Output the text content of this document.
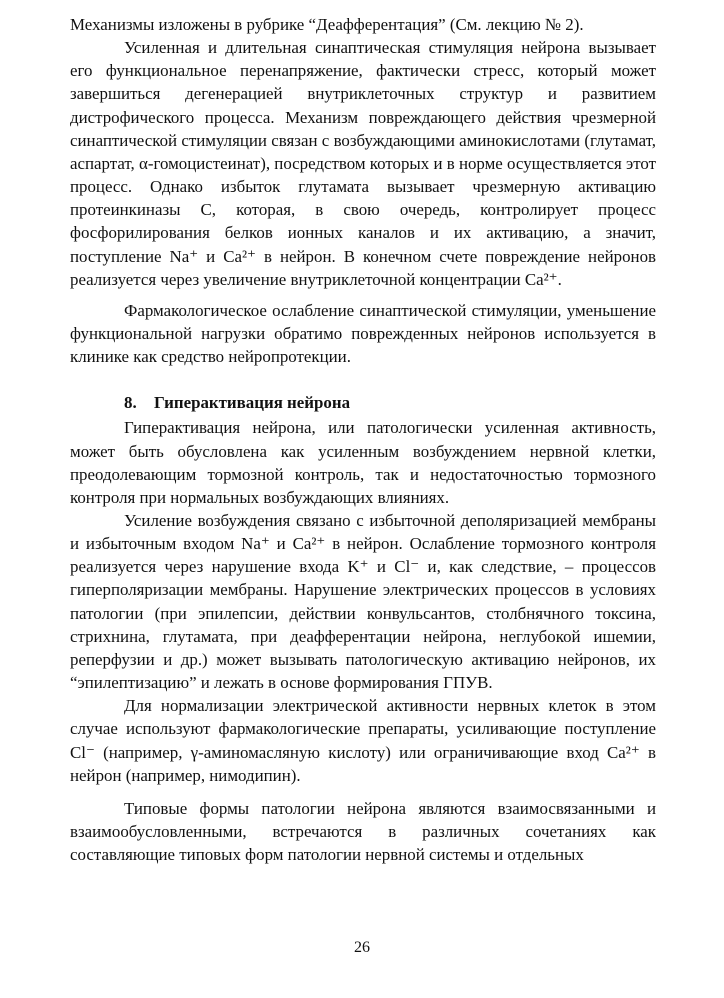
Механизмы изложены в рубрике “Деафферентация” (См. лекцию № 2).

Усиленная и длительная синаптическая стимуляция нейрона вызывает его функциональное перенапряжение, фактически стресс, который может завершиться дегенерацией внутриклеточных структур и развитием дистрофического процесса. Механизм повреждающего действия чрезмерной синаптической стимуляции связан с возбуждающими аминокислотами (глутамат, аспартат, α-гомоцистеинат), посредством которых и в норме осуществляется этот процесс. Однако избыток глутамата вызывает чрезмерную активацию протеинкиназы С, которая, в свою очередь, контролирует процесс фосфорилирования белков ионных каналов и их активацию, а значит, поступление Na⁺ и Ca²⁺ в нейрон. В конечном счете повреждение нейронов реализуется через увеличение внутриклеточной концентрации Ca²⁺.

Фармакологическое ослабление синаптической стимуляции, уменьшение функциональной нагрузки обратимо поврежденных нейронов используется в клинике как средство нейропротекции.

8. Гиперактивация нейрона

Гиперактивация нейрона, или патологически усиленная активность, может быть обусловлена как усиленным возбуждением нервной клетки, преодолевающим тормозной контроль, так и недостаточностью тормозного контроля при нормальных возбуждающих влияниях.

Усиление возбуждения связано с избыточной деполяризацией мембраны и избыточным входом Na⁺ и Ca²⁺ в нейрон. Ослабление тормозного контроля реализуется через нарушение входа K⁺ и Cl⁻ и, как следствие, – процессов гиперполяризации мембраны. Нарушение электрических процессов в условиях патологии (при эпилепсии, действии конвульсантов, столбнячного токсина, стрихнина, глутамата, при деафферентации нейрона, неглубокой ишемии, реперфузии и др.) может вызывать патологическую активацию нейронов, их “эпилептизацию” и лежать в основе формирования ГПУВ.

Для нормализации электрической активности нервных клеток в этом случае используют фармакологические препараты, усиливающие поступление Cl⁻ (например, γ-аминомасляную кислоту) или ограничивающие вход Ca²⁺ в нейрон (например, нимодипин).

Типовые формы патологии нейрона являются взаимосвязанными и взаимообусловленными, встречаются в различных сочетаниях как составляющие типовых форм патологии нервной системы и отдельных

26
